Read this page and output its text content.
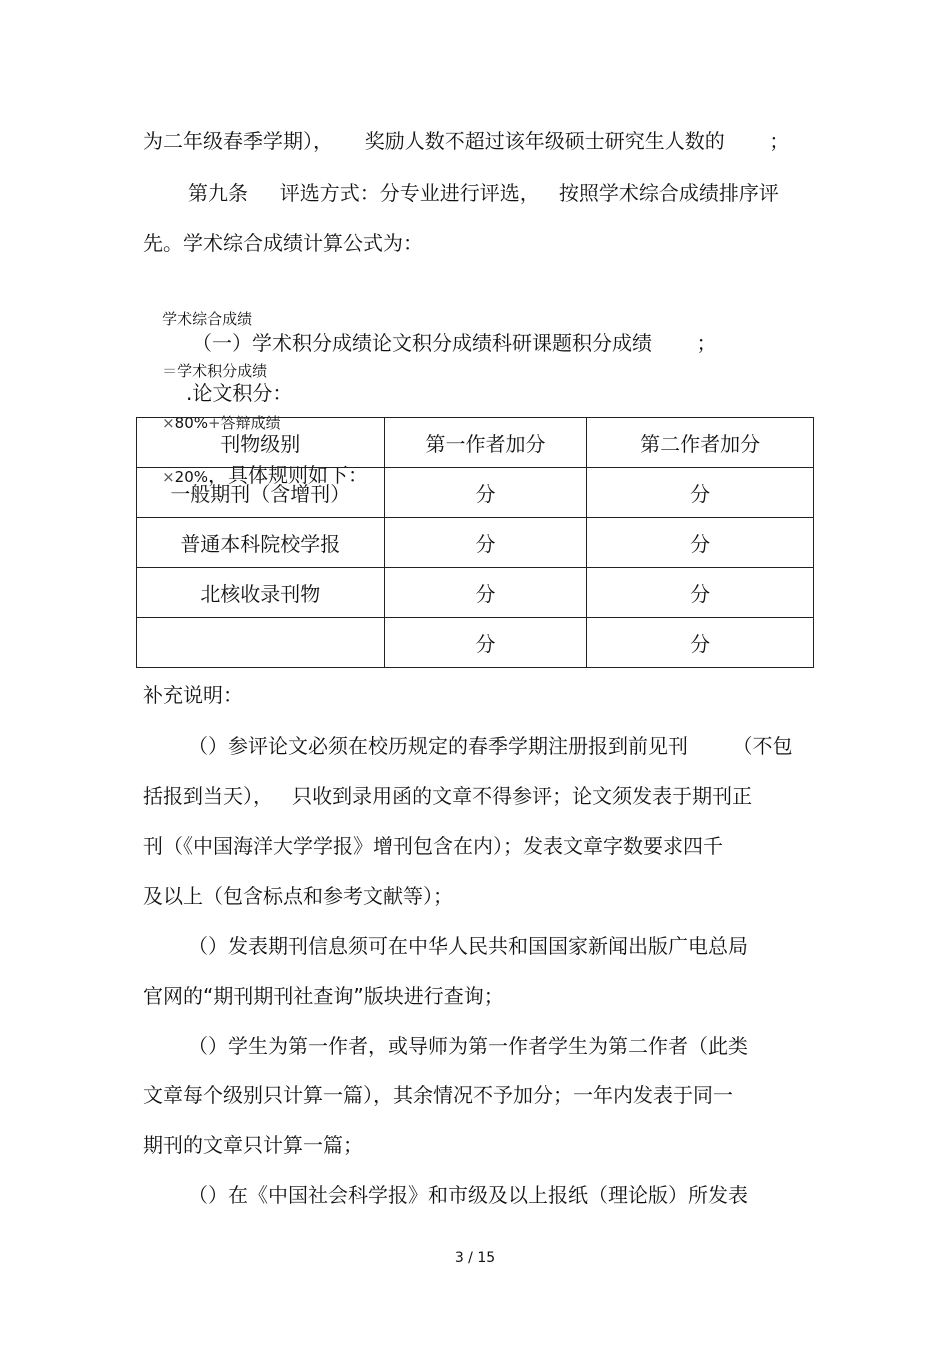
为二年级春季学期），     奖励人数不超过该年级硕士研究生人数的       ；
第九条     评选方式：分专业进行评选，   按照学术综合成绩排序评
先。学术综合成绩计算公式为：

学术综合成绩

＝学术积分成绩

×80%+答辩成绩

×20%，具体规则如下：

（一）学术积分成绩论文积分成绩科研课题积分成绩       ；
.论文积分：
刊物级别	第一作者加分	第二作者加分
一般期刊（含增刊）	分	分
普通本科院校学报	分	分
北核收录刊物	分	分
	分	分
补充说明：
（）参评论文必须在校历规定的春季学期注册报到前见刊       （不包
括报到当天），   只收到录用函的文章不得参评；论文须发表于期刊正
刊（《中国海洋大学学报》增刊包含在内）；发表文章字数要求四千
及以上（包含标点和参考文献等）；
（）发表期刊信息须可在中华人民共和国国家新闻出版广电总局
官网的“期刊期刊社查询”版块进行查询；
（）学生为第一作者，或导师为第一作者学生为第二作者（此类
文章每个级别只计算一篇），其余情况不予加分；一年内发表于同一
期刊的文章只计算一篇；
（）在《中国社会科学报》和市级及以上报纸（理论版）所发表
3 / 15
